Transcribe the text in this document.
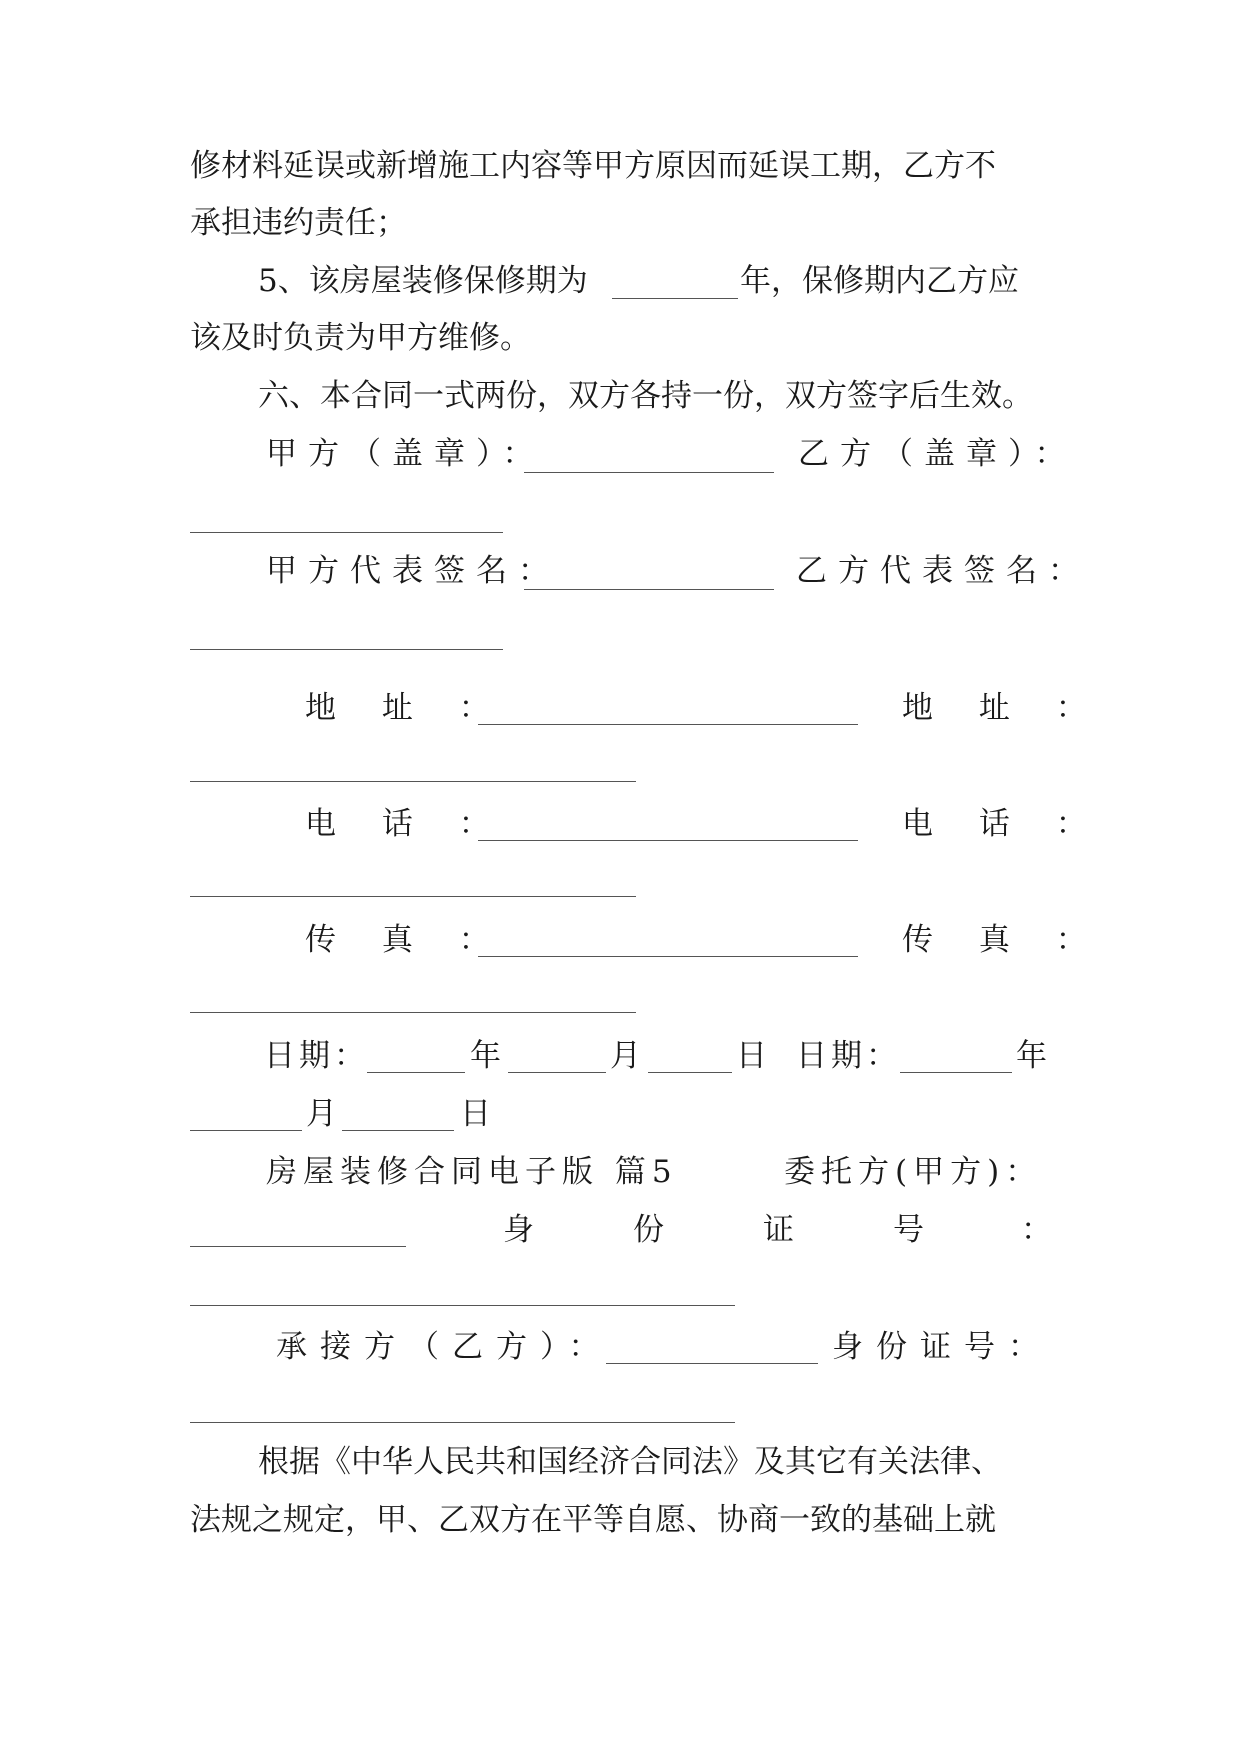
修材料延误或新增施工内容等甲方原因而延误工期，乙方不
承担违约责任；
5、该房屋装修保修期为	年，保修期内乙方应
该及时负责为甲方维修。
六、本合同一式两份，双方各持一份，双方签字后生效。
甲方（盖章）：	乙方（盖章）：
甲方代表签名：	乙方代表签名：
地 址 ：	地 址 ：
电 话 ：	电 话 ：
传 真 ：	传 真 ：
日期：	年	月	日 日期：	年
月	日
房屋装修合同电子版 篇5	委托方(甲方)：
身	份	证	号	：
承接方（乙方）：	身份证号：
根据《中华人民共和国经济合同法》及其它有关法律、
法规之规定，甲、乙双方在平等自愿、协商一致的基础上就
